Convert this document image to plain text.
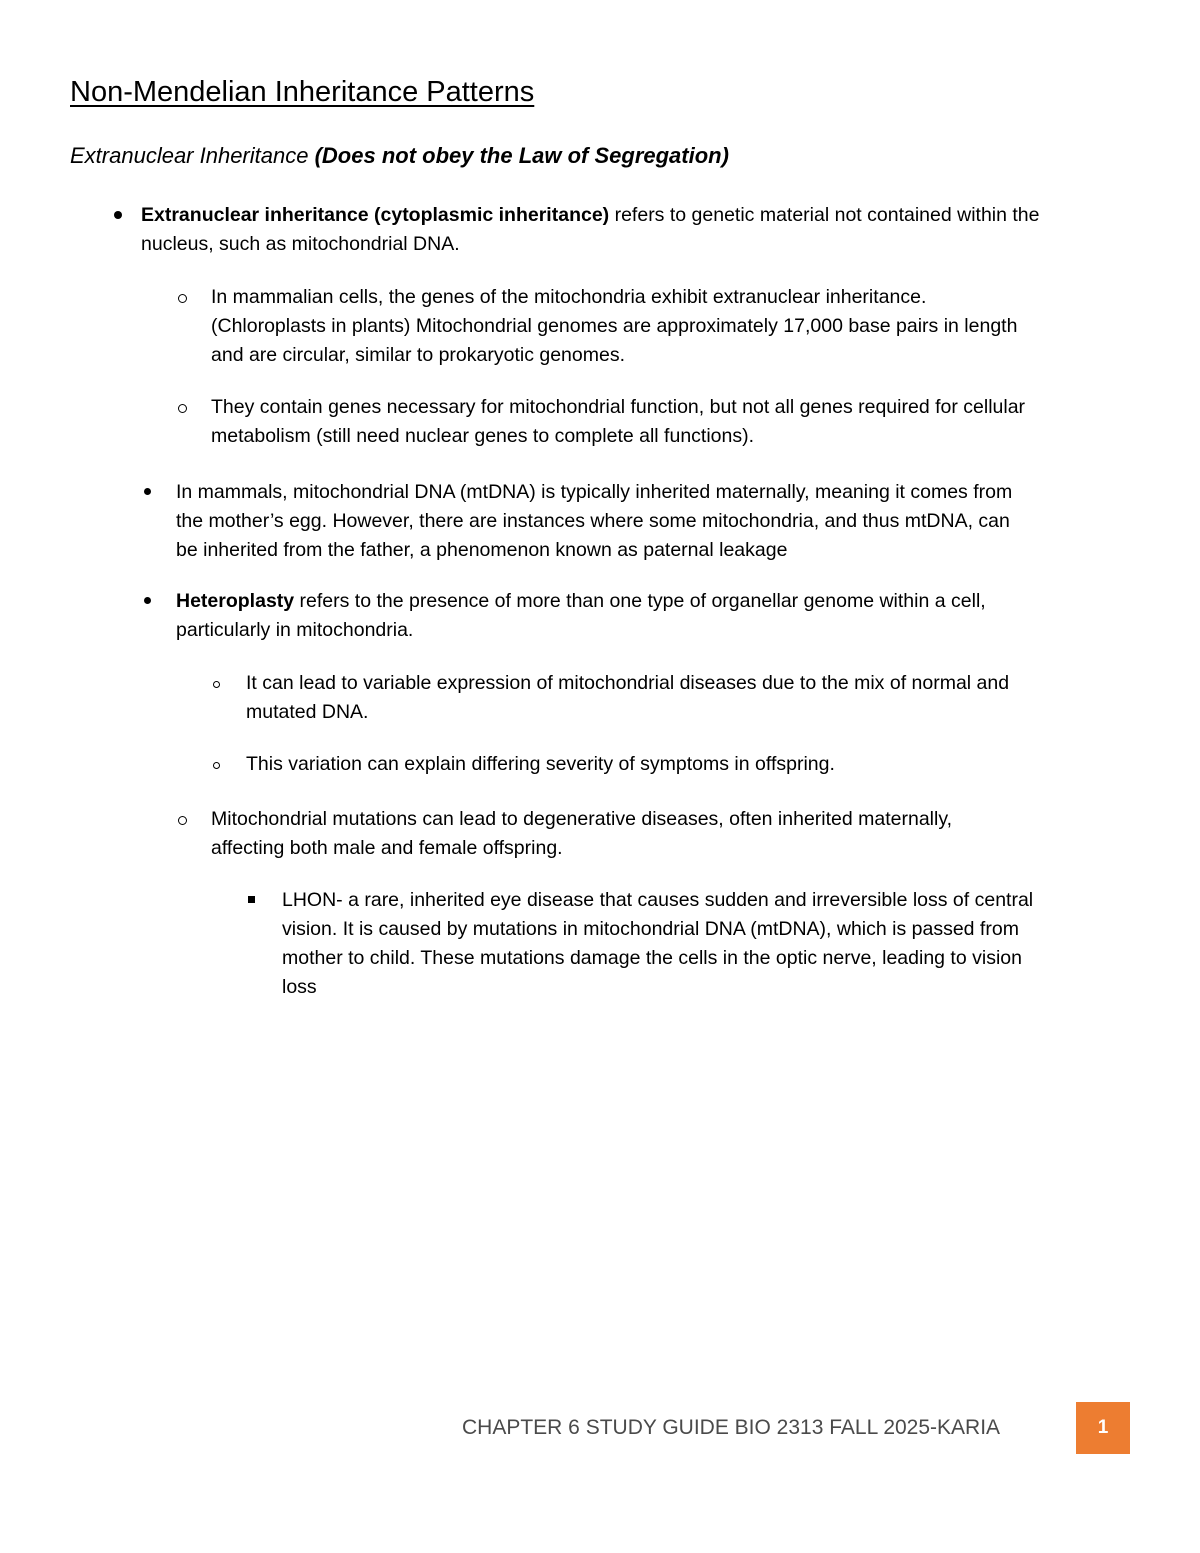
Non-Mendelian Inheritance Patterns
Extranuclear Inheritance (Does not obey the Law of Segregation)
Extranuclear inheritance (cytoplasmic inheritance) refers to genetic material not contained within the
nucleus, such as mitochondrial DNA.
In mammalian cells, the genes of the mitochondria exhibit extranuclear inheritance.
(Chloroplasts in plants) Mitochondrial genomes are approximately 17,000 base pairs in length
and are circular, similar to prokaryotic genomes.
They contain genes necessary for mitochondrial function, but not all genes required for cellular
metabolism (still need nuclear genes to complete all functions).
In mammals, mitochondrial DNA (mtDNA) is typically inherited maternally, meaning it comes from
the mother’s egg. However, there are instances where some mitochondria, and thus mtDNA, can
be inherited from the father, a phenomenon known as paternal leakage
Heteroplasty refers to the presence of more than one type of organellar genome within a cell,
particularly in mitochondria.
It can lead to variable expression of mitochondrial diseases due to the mix of normal and
mutated DNA.
This variation can explain differing severity of symptoms in offspring.
Mitochondrial mutations can lead to degenerative diseases, often inherited maternally,
affecting both male and female offspring.
LHON- a rare, inherited eye disease that causes sudden and irreversible loss of central
vision. It is caused by mutations in mitochondrial DNA (mtDNA), which is passed from
mother to child. These mutations damage the cells in the optic nerve, leading to vision
loss
CHAPTER 6 STUDY GUIDE BIO 2313 FALL 2025-KARIA	1
